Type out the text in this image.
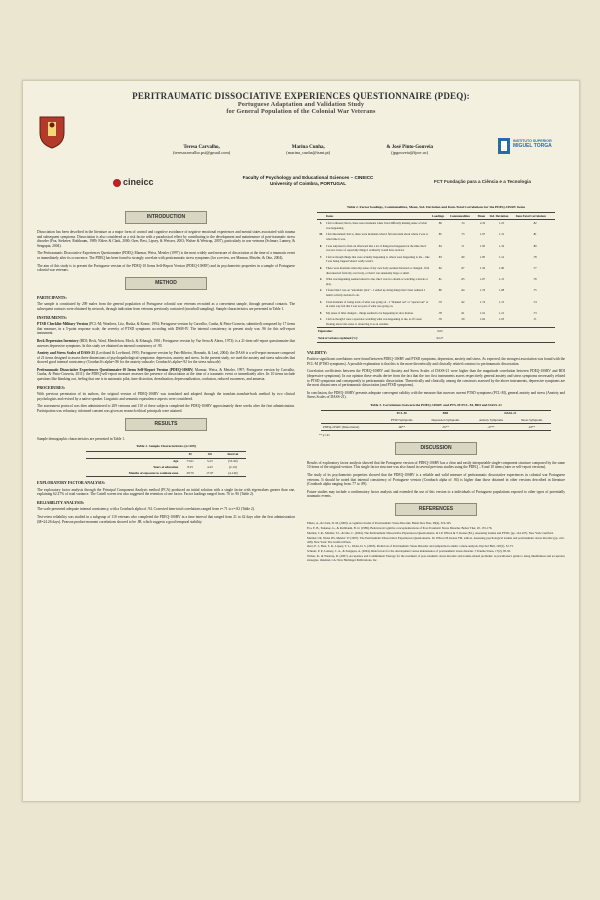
PERITRAUMATIC DISSOCIATIVE EXPERIENCES QUESTIONNAIRE (PDEQ):
Portuguese Adaptation and Validation Study
for General Population of the Colonial War Veterans
INSTITUTO SUPERIOR
MIGUEL TORGA
Teresa Carvalho,
(teresacarvalho.psi@gmail.com)
Marina Cunha,
(marina_cunha@ismt.pt)
& José Pinto-Gouveia
(jpgouveia@fpce.uc)
cineicc	Faculty of Psychology and Educational Sciences – CINEICC
University of Coimbra, PORTUGAL	FCT Fundação para a Ciência e a Tecnologia
INTRODUCTION

Dissociation has been described in the literature as a major form of control and cognitive avoidance of negative emotional experiences and mental states associated with trauma and subsequent symptoms. Dissociation is also considered as a risk factor with a paradoxical effect by contributing to the development and maintenance of post-traumatic stress disorder (Foa, Steketee, Rothbaum, 1989; Ehlers & Clark, 2000; Ozer, Best, Lipsey, & Weisser, 2003; Walser & Westrup, 2007), particularly in war veterans (Schnurr, Lunney, & Sengupta, 2004).

The Peritraumatic Dissociative Experiences Questionnaire (PDEQ; Marmar, Weiss, Metzler (1997) is the most widely used measure of dissociation at the time of a traumatic event or immediately after its occurrence. The PDEQ has been found to strongly correlate with posttraumatic stress symptoms (for a review, see Marmar, Metzler, & Otte, 2004).

The aim of this study is to present the Portuguese version of the PDEQ-10 Items Self-Report Version (PDEQ-10SRV) and its psychometric properties in a sample of Portuguese colonial war veterans.

METHOD
PARTICIPANTS:

The sample is constituted by 209 males from the general population of Portuguese colonial war veterans recruited as a convenient sample, through personal contacts. The subsequent contacts were obtained by network, through indication from veterans previously contacted (snowball sampling). Sample characteristics are presented in Table 1.

INSTRUMENTS:

PTSD Checklist-Military Version (PCL-M; Weathers, Litz, Huska, & Keane, 1994; Portuguese version by Carvalho, Cunha, & Pinto-Gouveia, submitted) composed by 17 items that measure, in a 5-point response scale, the severity of PTSD symptoms according with DSM-IV. The internal consistency in present study was .96 for this self-report instrument.

Beck Depression Inventory (BDI; Beck, Ward, Mendelson, Mock, & Erbaugh, 1961; Portuguese version by Vaz Serra & Abreu, 1973): is a 21-item self-report questionnaire that assesses depressive symptoms. In this study we obtained an internal consistency of .90.

Anxiety and Stress Scales of DASS-21 (Lovibond & Lovibond, 1995; Portuguese version by Pais-Ribeiro, Honrado, & Leal, 2004): the DASS is a self-report measure composed of 21 items designed to assess three dimensions of psychopathological symptoms: depression, anxiety and stress. In the present study, we used the anxiety and stress subscales that showed good internal consistency (Cronbach's alpha=.86 for the anxiety subscale; Cronbach's alpha=.92 for the stress subscale)

Peritraumatic Dissociative Experiences Questionnaire-10 Items Self-Report Version (PDEQ-10SRV; Marmar, Weiss, & Metzler, 1997; Portuguese version by Carvalho, Cunha, & Pinto-Gouveia, 2011): the PDEQ-self-report measure assesses the presence of dissociation at the time of a traumatic event or immediately after. Its 10 items include questions like blanking out, feeling that one is in automatic pilot, time distortion, derealization, depersonalization, confusion, reduced awareness, and amnesia.

PROCEDURES:

With previous permission of its authors, the original version of PDEQ-10SRV was translated and adapted through the translate–translate-back method by two clinical psychologists and revised by a native speaker. Linguistic and semantic equivalence aspects were considered.

The assessment protocol was then administered to 209 veterans and 110 of these subjects completed the PDEQ-10SRV approximately three weeks after the first administration. Participation was voluntary, informed consent was given an research ethical principals were attained.

RESULTS

Sample demographic characteristics are presented in Table 1.

Table 1. Sample Characteristics (n=209)
	M	SD	Interval
Age	73.61	5.23	(53-90)
Years of education	8.25	4.43	(2-19)
Months of exposure to combate zone	28.70	17.97	(4-140)
EXPLORATORY FACTOR ANALYSIS:

The exploratory factor analysis through the Principal Component Analysis method (PCA) produced an initial solution with a single factor with eigenvalues greater than one, explaining 62.27% of total variance. The Cattell screen test also suggested the retention of one factor. Factor loadings ranged from .76 to .96 (Table 2).

RELIABILITY ANALYSIS:

The scale presented adequate internal consistency, with a Cronbach alpha of .94. Corrected item-total correlations ranged from r=.71 to r=.82 (Table 2).

Test-retest reliability was studied in a subgroup of 110 veterans who completed the PDEQ-10SRV in a time interval that ranged from 21 to 42 days after the first administration (M=24.26 days). Pearson product-moment correlations showed to be .88, which suggests a good temporal stability.

Table 2. Factor loadings, Communalities, Mean, Std. Deviation and Item-Total Correlations for the PDEQ-10SRV items
	Items	Loadings	Communalities	Mean	Std. Deviation	Item-Total Correlation
5.	I felt confused; that is, there were moments when I had difficulty making sense of what was happening.	.86	.74	2.19	1.25	.82
10.	I felt disoriented; that is, there were moments when I felt uncertain about where I was or what time it was.	.85	.73	1.97	1.31	.81
8.	I was surprised to find out afterward that a lot of things had happened at the time that I was not aware of, especially things I ordinarily would have noticed.	.84	.71	1.95	1.19	.80
7.	I felt as though things that were actually happening to others were happening to me – like I was being trapped when I really wasn't.	.83	.69	1.85	1.12	.78
6.	There were moments when my sense of my own body seemed distorted or changed. I felt disconnected from my own body, or that it was unusually large or small.	.82	.67	1.56	1.00	.77
4.	What was happening seemed unreal to me, like I was in a dream or watching a movie or play.	.81	.65	1.67	1.15	.76
2.	I found that I was on "automatic pilot" – I ended up doing things that I later realized I hadn't actively decided to do.	.80	.64	1.76	1.08	.75
3.	I had moments of losing track of what was going on – I "blanked out" or "spaced out" or in some way felt that I was not part of what was going on.	.79	.62	1.74	1.15	.74
9.	My sense of time changed – things seemed to be happening in slow motion.	.78	.61	1.91	1.21	.73
1.	I felt as though I were a spectator watching what was happening to me, as if I were floating above the scene or observing it as an outsider.	.76	.59	1.62	1.03	.71
Eigenvalue:		6.63				
Total of variance explained (%):		62.27				
VALIDITY:

Positive significant correlations were found between PDEQ-10SRV and PTSD symptoms, depression, anxiety and stress. As expected, the strongest association was found with the PCL-M (PTSD symptoms). A possible explanation is that this is the more theoretically and clinically related construct to peritraumatic dissociation.

Correlation coefficients between the PDEQ-10SRV and Anxiety and Stress Scales of DASS-21 were higher than the magnitude correlation between PDEQ-10SRV and BDI (depressive symptoms). In our opinion these results derive from the fact that the two first instruments assess respectively general anxiety and stress symptoms necessarily related to PTSD symptoms and consequently to peritraumatic dissociation. Theoretically and clinically, among the constructs assessed by the above instruments, depressive symptoms are the most distant ones of peritraumatic dissociation (and PTSD symptoms).

In conclusion, the PDEQ-10SRV presents adequate convergent validity with the measure that assesses current PTSD symptoms (PCL-M), general anxiety and stress (Anxiety and Stress Scales of DASS-21).

Table 3. Correlations between the PDEQ-10SRV and PTS-M PCL-M, BDI and DASS-21
	PCL-M	BDI	DASS-21	
	PTSD Symptoms	Depression Symptoms	Anxiety Symptoms	Stress Symptoms
PDEQ-10SRV (Dissociation)	.66**	.35**	.47**	.43**
** p<.01
DISCUSSION

Results of exploratory factor analysis showed that the Portuguese version of PDEQ-10SRV has a clear and easily interpretable single-component structure composed by the same 10 items of the original version. This single factor structure was also found in several previous studies using the PDEQ – 8 and 10 items (rater or self-report versions).

The study of its psychometric properties showed that the PDEQ-10SRV is a reliable and valid measure of peritraumatic dissociative experiences in colonial war Portuguese veterans. It should be noted that internal consistency of Portuguese version (Cronbach alpha of .94) is higher than those obtained in other versions described in literature (Cronbach alpha ranging from .77 to .89).

Future studies may include a confirmatory factor analysis and extended the use of this version to a individuals of Portuguese populations exposed to other types of potentially traumatic events.

REFERENCES
Ehlers, A., & Clark, D. M. (2000). A cognitive model of Posttraumatic Stress Disorder. Behav Res Ther, 38(4), 319-345.
Foa, E. B., Steketee, G., & Rothbaum, B. O. (1989). Behavioral/cognitive conceptualizations of Post-Traumatic Stress Disorder. Behav Ther, 20, 155-176.
Marmar, C.R., Metzler, T.J., & Otte, C. (2004). The Peritraumatic Dissociative Experiences Questionnaire. In J.P. Wilson & T. Keane (Ed.), Assessing trauma and PTSD. (pp. 144-167). New York: Guilford.
Marmar CR, Weiss DS, Metzler TJ (1997). The Peritraumatic Dissociative Experiences Questionnaire. In: Wilson JP, Keane TM, editors. Assessing psychological trauma and posttraumatic stress disorder (pp. 412–428). New York: The Guilford Press.
Ozer, E. J., Best, S. R., Lipsey, T. L., Weiss, D. S. (2003). Predictors of Posttraumatic Stress Disorder and symptoms in adults: a meta-analysis. Psychol Bull, 129(1), 52-73.
Schnurr, P. P., Lunney, C. A., & Sengupta, A. (2004). Risk factors for the development versus maintenance of posttraumatic stress disorder. J Trauma Stress, 17(2), 85-95.
Walser, R., & Westrup, D. (2007). Acceptance and Commitment Therapy for the treatment of post-traumatic stress disorder and trauma-related problems: A practitioner's guide to using mindfulness and acceptance strategies. Oakland, CA: New Harbinger Publications, Inc.
